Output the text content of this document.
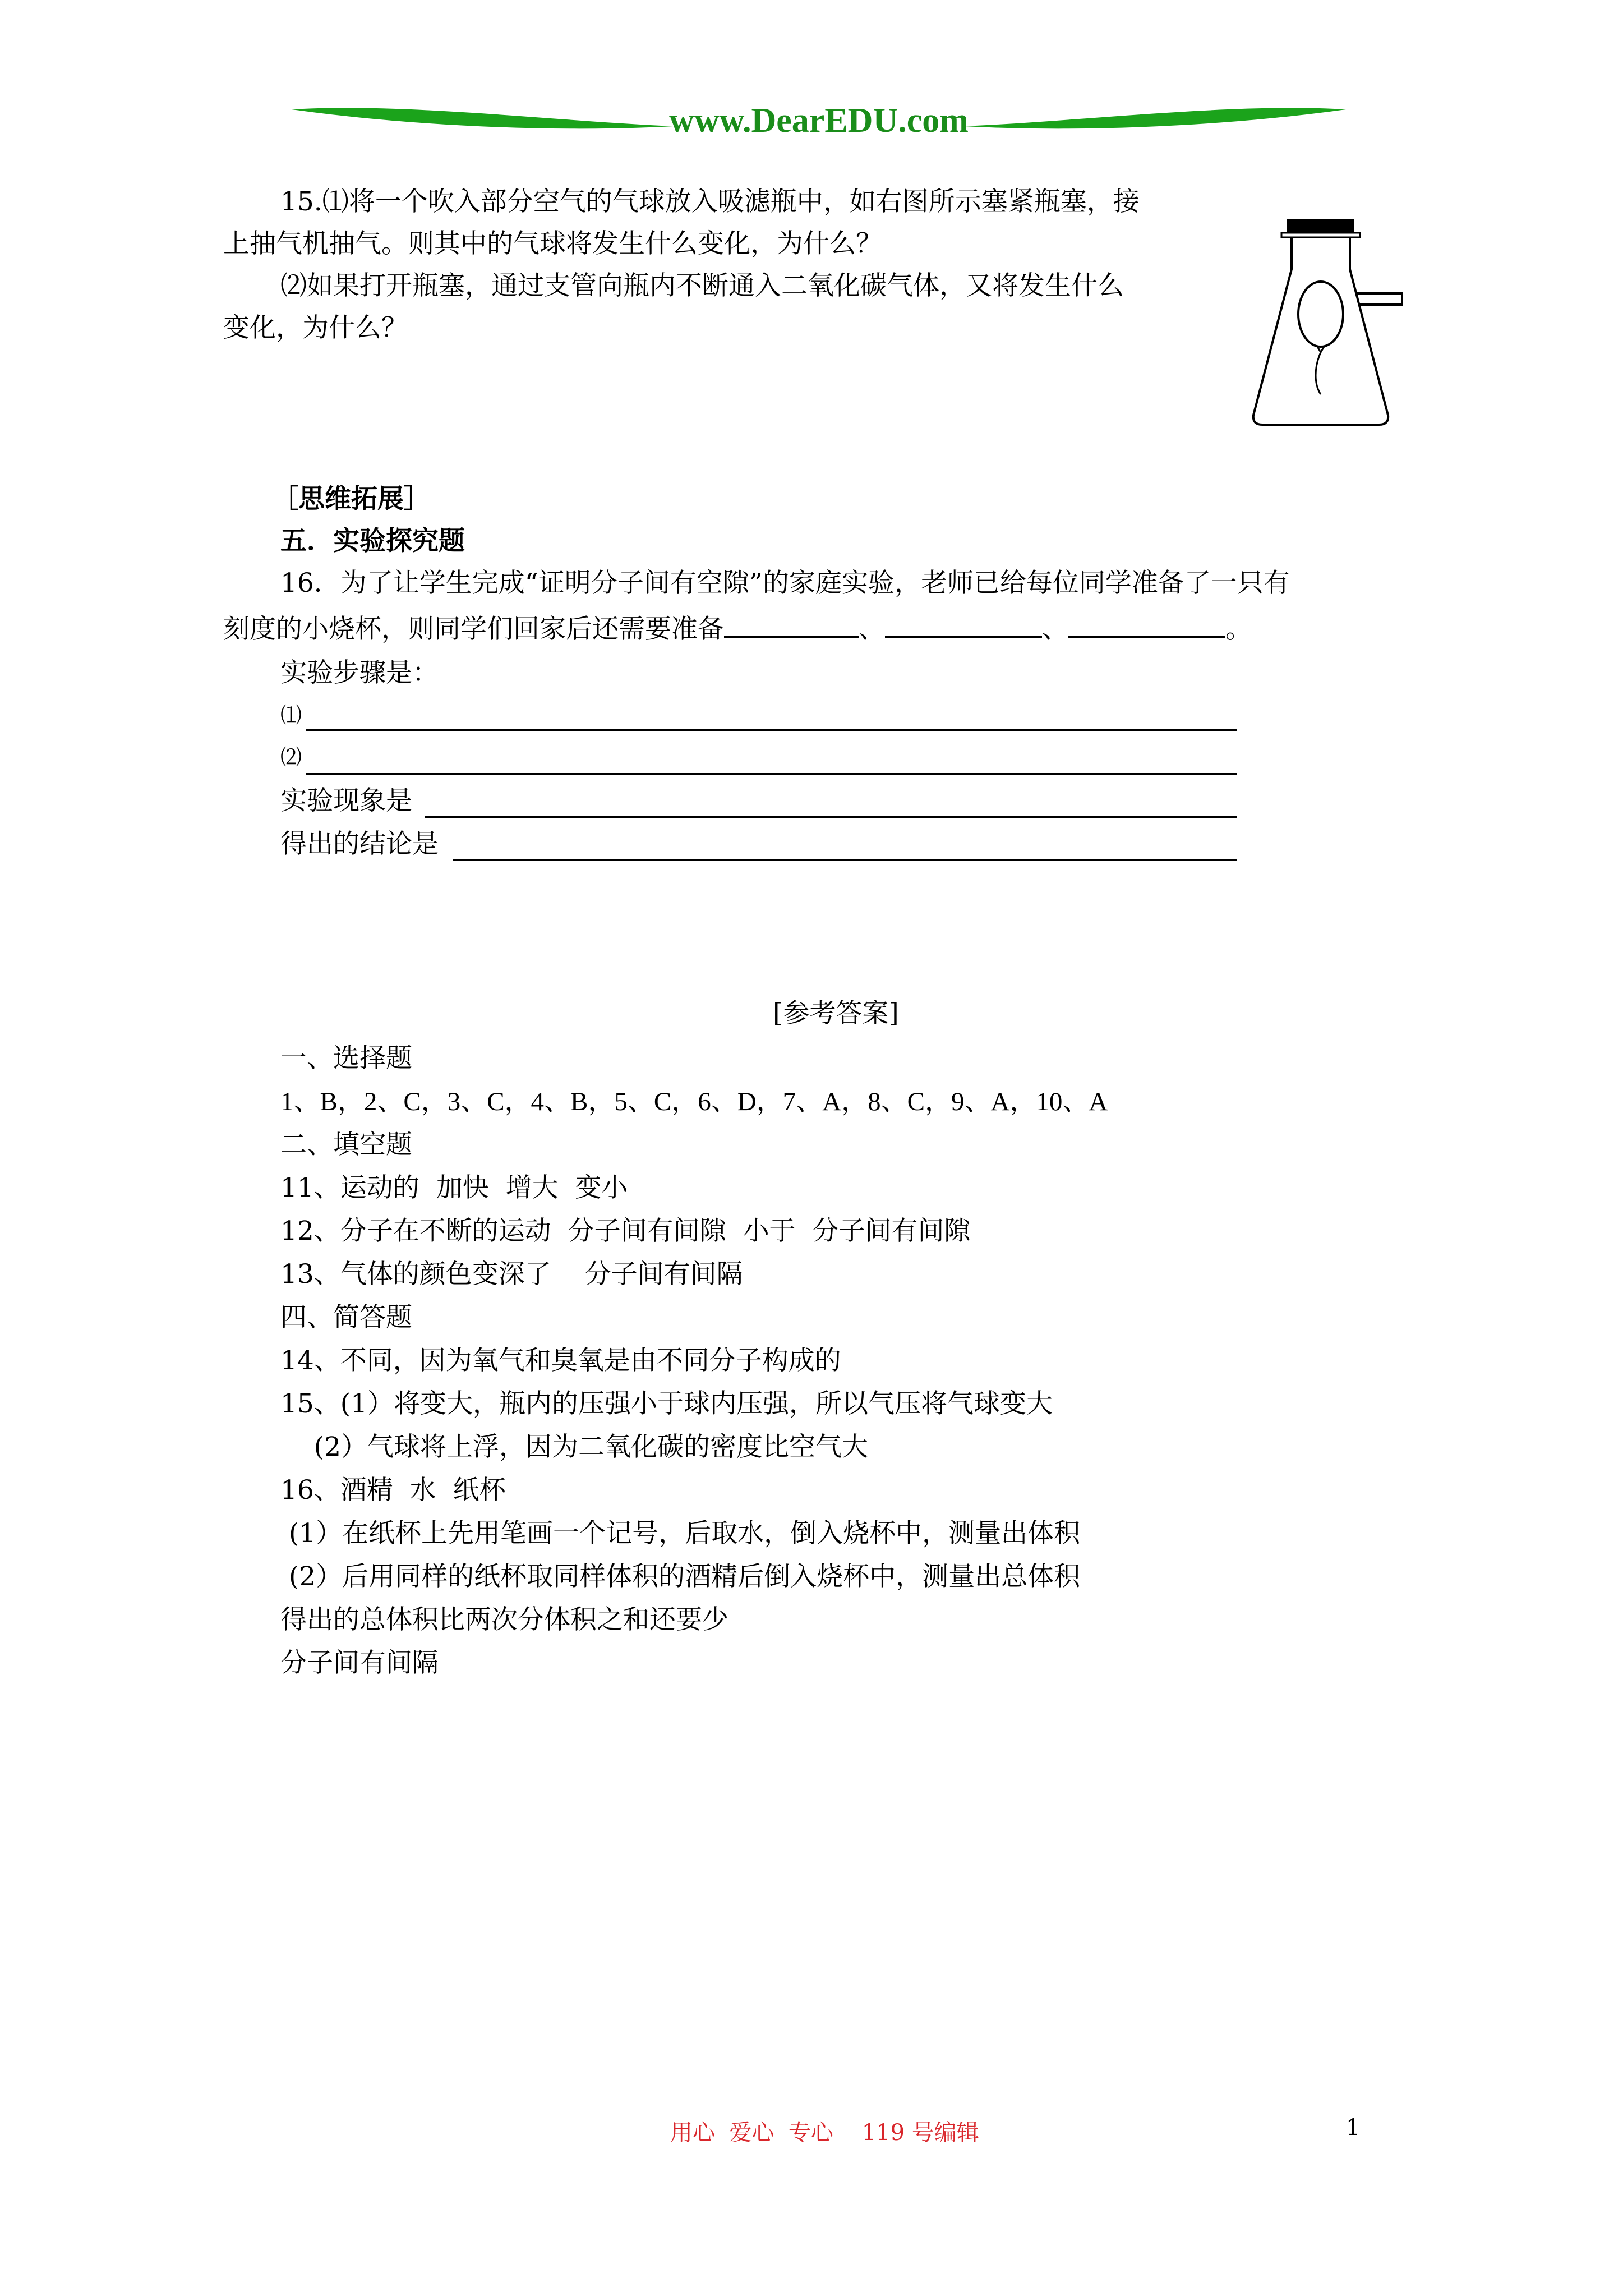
www.DearEDU.com
15.⑴将一个吹入部分空气的气球放入吸滤瓶中，如右图所示塞紧瓶塞，接
上抽气机抽气。则其中的气球将发生什么变化，为什么？
⑵如果打开瓶塞，通过支管向瓶内不断通入二氧化碳气体，又将发生什么
变化，为什么？
［思维拓展］
五．实验探究题
16．为了让学生完成“证明分子间有空隙”的家庭实验，老师已给每位同学准备了一只有
刻度的小烧杯，则同学们回家后还需要准备	、	、	。
实验步骤是：
⑴
⑵
实验现象是
得出的结论是
[参考答案]
一、选择题
1、B，2、C，3、C，4、B，5、C，6、D，7、A，8、C，9、A，10、A
二、填空题
11、运动的  加快  增大  变小
12、分子在不断的运动  分子间有间隙  小于  分子间有间隙
13、气体的颜色变深了    分子间有间隔
四、简答题
14、不同，因为氧气和臭氧是由不同分子构成的
15、(1）将变大，瓶内的压强小于球内压强，所以气压将气球变大
(2）气球将上浮，因为二氧化碳的密度比空气大
16、酒精  水  纸杯
(1）在纸杯上先用笔画一个记号，后取水，倒入烧杯中，测量出体积
(2）后用同样的纸杯取同样体积的酒精后倒入烧杯中，测量出总体积
得出的总体积比两次分体积之和还要少
分子间有间隔
用心  爱心  专心    119 号编辑	1
